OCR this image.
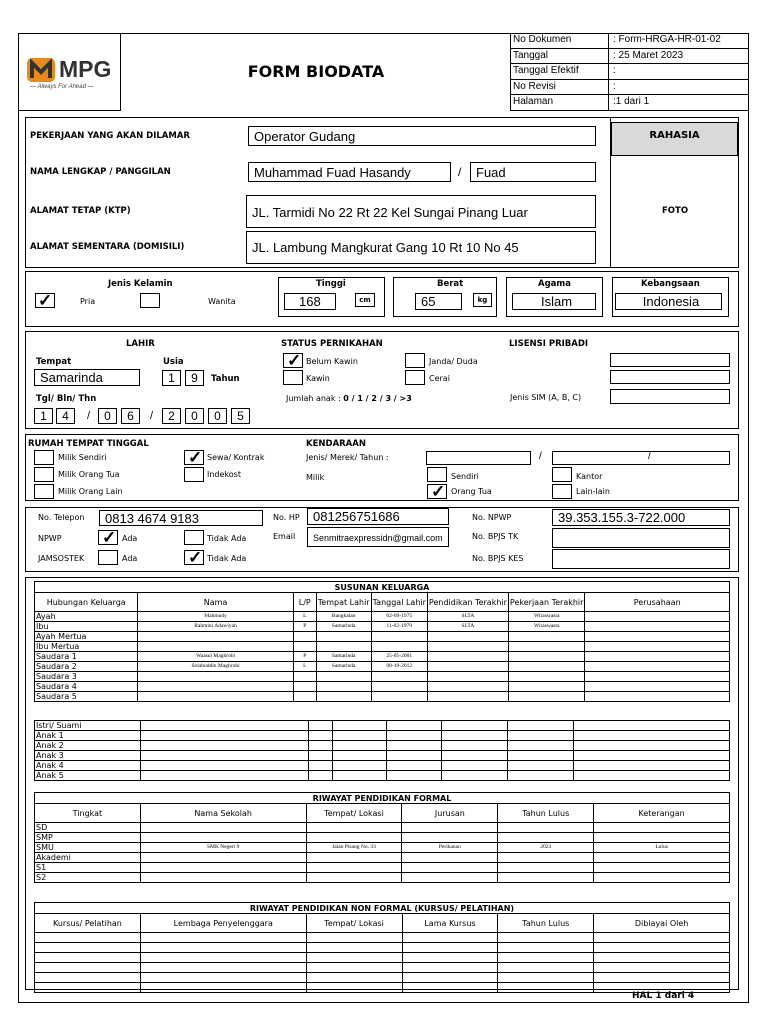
MPG
— Always For Ahead —
FORM BIODATA
No Dokumen	: Form-HRGA-HR-01-02
Tanggal	: 25 Maret 2023
Tanggal Efektif	:
No Revisi	:
Halaman	:1 dari 1
RAHASIA
FOTO
PEKERJAAN YANG AKAN DILAMAR	Operator Gudang
NAMA LENGKAP / PANGGILAN	Muhammad Fuad Hasandy	/	Fuad
ALAMAT TETAP (KTP)	JL. Tarmidi No 22 Rt 22 Kel Sungai Pinang Luar
ALAMAT SEMENTARA (DOMISILI)	JL. Lambung Mangkurat Gang 10 Rt 10 No 45
Jenis Kelamin
✓	Pria	Wanita
Tinggi
168	cm
Berat
65	kg
Agama
Islam
Kebangsaan
Indonesia
LAHIR
Tempat	Usia
Samarinda	1	9	Tahun
Tgl/ Bln/ Thn
1	4	/	0	6	/	2	0	0	5
STATUS PERNIKAHAN
✓ Belum Kawin
Kawin
Janda/ Duda
Cerai
Jumlah anak : 0 / 1 / 2 / 3 / >3
LISENSI PRIBADI
Jenis SIM (A, B, C)
RUMAH TEMPAT TINGGAL
Milik Sendiri
Milik Orang Tua
Milik Orang Lain
✓ Sewa/ Kontrak
Indekost
KENDARAAN
Jenis/ Merek/ Tahun :	/	/
Milik	Sendiri
✓ Orang Tua
Kantor
Lain-lain
No. Telepon	0813 4674 9183	No. HP	081256751686
Email	Senmitraexpressidn@gmail.com
No. NPWP	39.353.155.3-722.000
No. BPJS TK
No. BPJS KES
NPWP ✓ Ada	Tidak Ada
JAMSOSTEK	Ada	✓ Tidak Ada
SUSUNAN KELUARGA							
Hubungan Keluarga	Nama	L/P	Tempat Lahir	Tanggal Lahir	Pendidikan Terakhir	Pekerjaan Terakhir	Perusahaan
Ayah	Mahmudy	L	Bangkalan	02-09-1975	SLTA	Wiraswasta	
Ibu	Rahmini Adawiyah	P	Samarinda	11-02-1979	SLTA	Wiraswasta	
Ayah Mertua							
Ibu Mertua							
Saudara 1	Waasul Maghrobi	P	Samarinda	25-05-2001			
Saudara 2	Solahuddin Maghrobi	L	Samarinda	08-10-2012			
Saudara 3							
Saudara 4							
Saudara 5							
Istri/ Suami							
Anak 1							
Anak 2							
Anak 3							
Anak 4							
Anak 5							
RIWAYAT PENDIDIKAN FORMAL					
Tingkat	Nama Sekolah	Tempat/ Lokasi	Jurusan	Tahun Lulus	Keterangan
SD					
SMP					
SMU	SMK Negeri 9	Jalan Pisang No. 33	Perikanan	2023	Lulus
Akademi					
S1					
S2					
RIWAYAT PENDIDIKAN NON FORMAL (KURSUS/ PELATIHAN)					
Kursus/ Pelatihan	Lembaga Penyelenggara	Tempat/ Lokasi	Lama Kursus	Tahun Lulus	Dibiayai Oleh

HAL 1 dari 4
